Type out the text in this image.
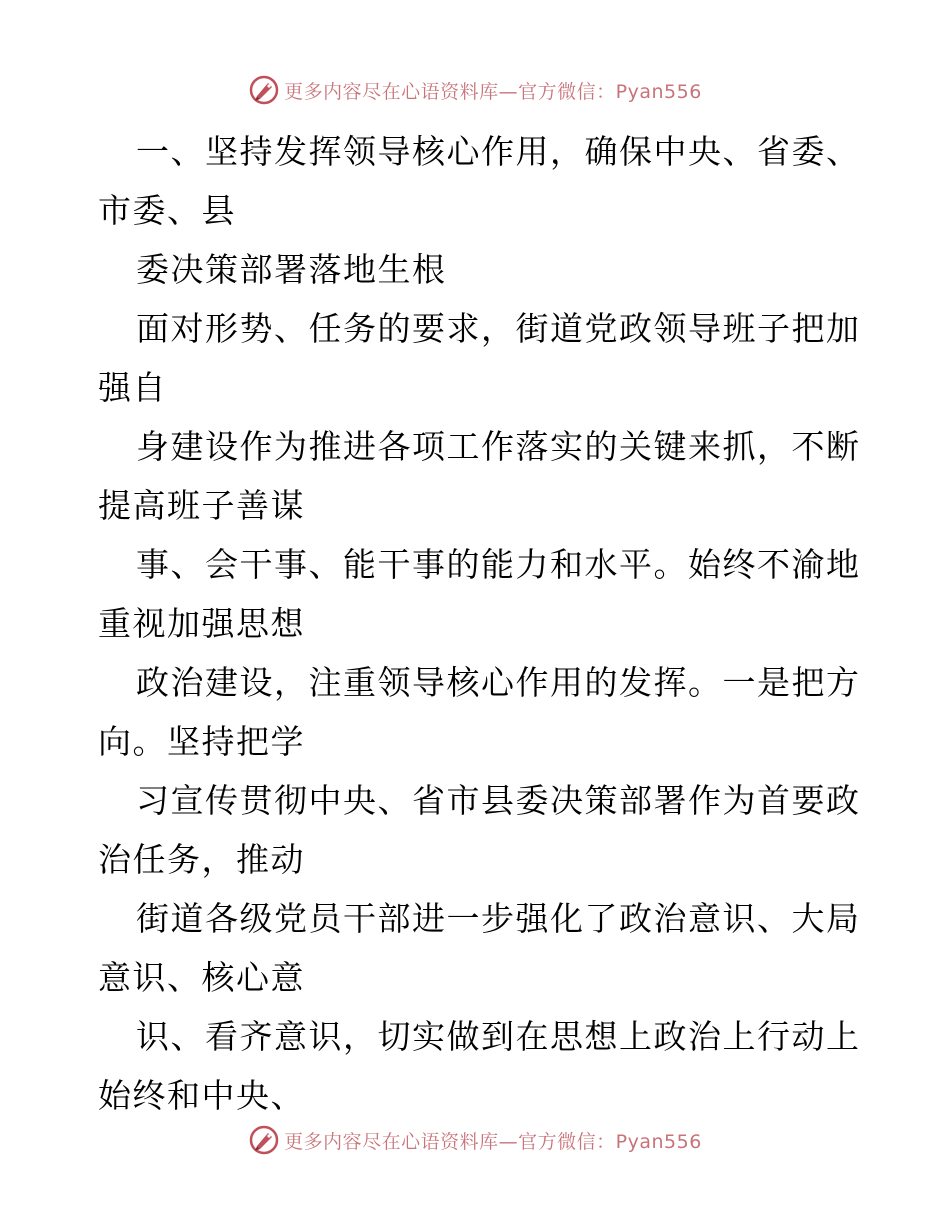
更多内容尽在心语资料库—官方微信：Pyan556
一、坚持发挥领导核心作用，确保中央、省委、
市委、县
委决策部署落地生根
面对形势、任务的要求，街道党政领导班子把加
强自
身建设作为推进各项工作落实的关键来抓，不断
提高班子善谋
事、会干事、能干事的能力和水平。始终不渝地
重视加强思想
政治建设，注重领导核心作用的发挥。一是把方
向。坚持把学
习宣传贯彻中央、省市县委决策部署作为首要政
治任务，推动
街道各级党员干部进一步强化了政治意识、大局
意识、核心意
识、看齐意识，切实做到在思想上政治上行动上
始终和中央、
更多内容尽在心语资料库—官方微信：Pyan556
